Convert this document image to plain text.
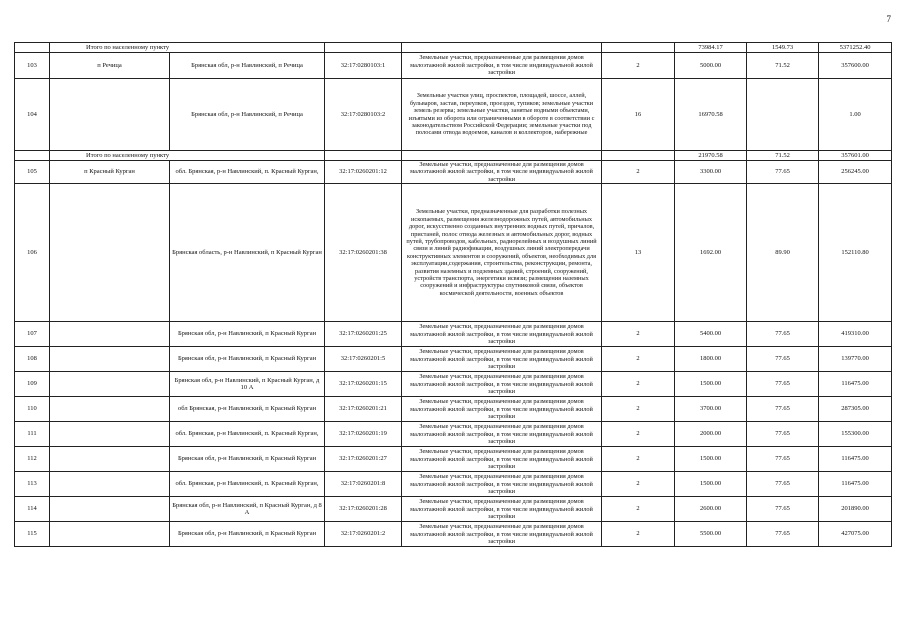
7
	Итого по населенному пункту					73984.17	1549.73	5371252.40
103	п Речица	Брянская обл, р-н Навлинский, п Речица	32:17:0280103:1	Земельные участки, предназначенные для размещения домов малоэтажной жилой застройки, в том числе индивидуальной жилой застройки	2	5000.00	71.52	357600.00
104		Брянская обл, р-н Навлинский, п Речица	32:17:0280103:2	Земельные участки улиц, проспектов, площадей, шоссе, аллей, бульваров, застав, переулков, проездов, тупиков; земельные участки земель резерва; земельные участки, занятые водными объектами, изъятыми из оборота или ограниченными в обороте в соответствии с законодательством Российской Федерации; земельные участки под полосами отвода водоемов, каналов и коллекторов, набережные	16	16970.58		1.00
	Итого по населенному пункту					21970.58	71.52	357601.00
105	п Красный Курган	обл. Брянская, р-н Навлинский, п. Красный Курган,	32:17:0260201:12	Земельные участки, предназначенные для размещения домов малоэтажной жилой застройки, в том числе индивидуальной жилой застройки	2	3300.00	77.65	256245.00
106		Брянская область, р-н Навлинский, п Красный Курган	32:17:0260201:38	Земельные участки, предназначенные для разработки полезных ископаемых, размещения железнодорожных путей, автомобильных дорог, искусственно созданных внутренних водных путей, причалов, пристаней, полос отвода железных и автомобильных дорог, водных путей, трубопроводов, кабельных, радиорелейных и воздушных линий связи и линий радиофикации, воздушных линий электропередачи конструктивных элементов и сооружений, объектов, необходимых для эксплуатации,содержания, строительства, реконструкции, ремонта, развития наземных и подземных зданий, строений, сооружений, устройств транспорта, энергетики исвязи; размещения наземных сооружений и инфраструктуры спутниковой связи, объектов космической деятельности, военных объектов	13	1692.00	89.90	152110.80
107		Брянская обл, р-н Навлинский, п Красный Курган	32:17:0260201:25	Земельные участки, предназначенные для размещения домов малоэтажной жилой застройки, в том числе индивидуальной жилой застройки	2	5400.00	77.65	419310.00
108		Брянская обл, р-н Навлинский, п Красный Курган	32:17:0260201:5	Земельные участки, предназначенные для размещения домов малоэтажной жилой застройки, в том числе индивидуальной жилой застройки	2	1800.00	77.65	139770.00
109		Брянская обл, р-н Навлинский, п Красный Курган, д 10 А	32:17:0260201:15	Земельные участки, предназначенные для размещения домов малоэтажной жилой застройки, в том числе индивидуальной жилой застройки	2	1500.00	77.65	116475.00
110		обл Брянская, р-н Навлинский, п Красный Курган	32:17:0260201:21	Земельные участки, предназначенные для размещения домов малоэтажной жилой застройки, в том числе индивидуальной жилой застройки	2	3700.00	77.65	287305.00
111		обл. Брянская, р-н Навлинский, п. Красный Курган,	32:17:0260201:19	Земельные участки, предназначенные для размещения домов малоэтажной жилой застройки, в том числе индивидуальной жилой застройки	2	2000.00	77.65	155300.00
112		Брянская обл, р-н Навлинский, п Красный Курган	32:17:0260201:27	Земельные участки, предназначенные для размещения домов малоэтажной жилой застройки, в том числе индивидуальной жилой застройки	2	1500.00	77.65	116475.00
113		обл. Брянская, р-н Навлинский, п. Красный Курган,	32:17:0260201:8	Земельные участки, предназначенные для размещения домов малоэтажной жилой застройки, в том числе индивидуальной жилой застройки	2	1500.00	77.65	116475.00
114		Брянская обл, р-н Навлинский, п Красный Курган, д 8 А	32:17:0260201:28	Земельные участки, предназначенные для размещения домов малоэтажной жилой застройки, в том числе индивидуальной жилой застройки	2	2600.00	77.65	201890.00
115		Брянская обл, р-н Навлинский, п Красный Курган	32:17:0260201:2	Земельные участки, предназначенные для размещения домов малоэтажной жилой застройки, в том числе индивидуальной жилой застройки	2	5500.00	77.65	427075.00
